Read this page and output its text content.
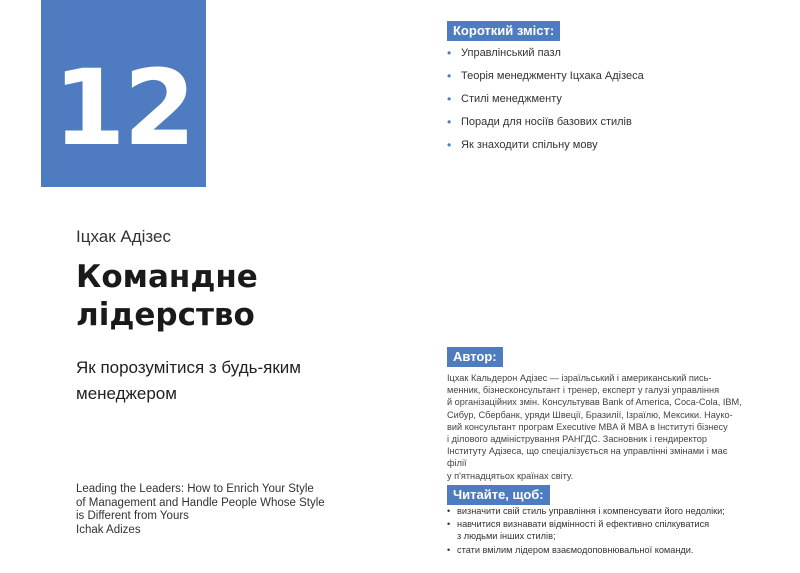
12
Іцхак Адізес
Командне лідерство
Як порозумітися з будь-яким менеджером
Leading the Leaders: How to Enrich Your Style
of Management and Handle People Whose Style
is Different from Yours
Ichak Adizes
Короткий зміст:
• Управлінський пазл
• Теорія менеджменту Іцхака Адізеса
• Стилі менеджменту
• Поради для носіїв базових стилів
• Як знаходити спільну мову
Автор:
Іцхак Кальдерон Адізес — ізраїльський і американський пись-
менник, бізнесконсультант і тренер, експерт у галузі управління
й організаційних змін. Консультував Bank of America, Coca-Cola, IBM,
Сибур, Сбербанк, уряди Швеції, Бразилії, Ізраїлю, Мексики. Науко-
вий консультант програм Executive MBA й MBA в Інституті бізнесу
і ділового адміністрування РАНГДС. Засновник і гендиректор
Інституту Адізеса, що спеціалізується на управлінні змінами і має філії
у п'ятнадцятьох країнах світу.
Читайте, щоб:
• визначити свій стиль управління і компенсувати його недоліки;
• навчитися визнавати відмінності й ефективно спілкуватися
з людьми інших стилів;
• стати вмілим лідером взаємодоповнювальної команди.
